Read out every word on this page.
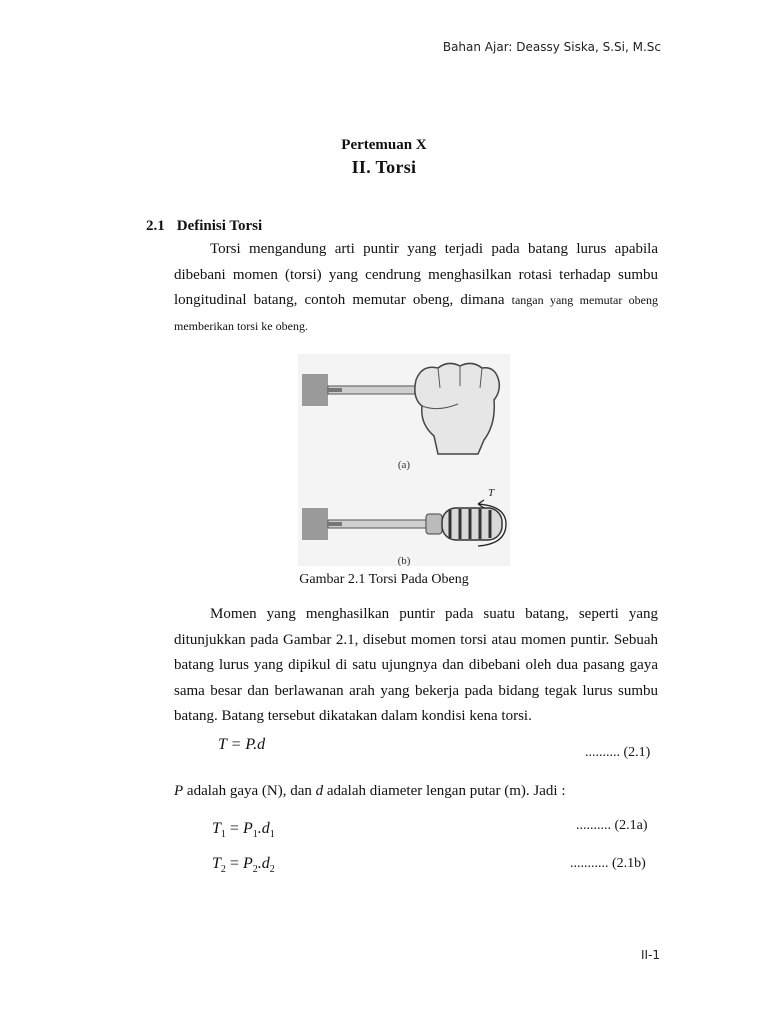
Bahan Ajar: Deassy Siska, S.Si, M.Sc
Pertemuan X
II. Torsi
2.1 Definisi Torsi
Torsi mengandung arti puntir yang terjadi pada batang lurus apabila dibebani momen (torsi) yang cendrung menghasilkan rotasi terhadap sumbu longitudinal batang, contoh memutar obeng, dimana tangan yang memutar obeng memberikan torsi ke obeng.
(a)
T
(b)
Gambar 2.1 Torsi Pada Obeng
Momen yang menghasilkan puntir pada suatu batang, seperti yang ditunjukkan pada Gambar 2.1, disebut momen torsi atau momen puntir. Sebuah batang lurus yang dipikul di satu ujungnya dan dibebani oleh dua pasang gaya sama besar dan berlawanan arah yang bekerja pada bidang tegak lurus sumbu batang. Batang tersebut dikatakan dalam kondisi kena torsi.
T = P.d	.......... (2.1)
P adalah gaya (N), dan d adalah diameter lengan putar (m). Jadi :
$T_1 = P_1.d_1$
.......... (2.1a)
$T_2 = P_2.d_2$	........... (2.1b)
II-1
